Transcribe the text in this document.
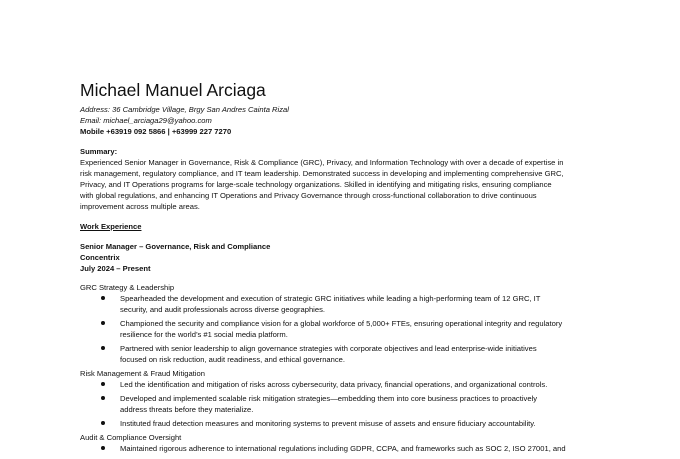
Michael Manuel Arciaga
Address: 36 Cambridge Village, Brgy San Andres Cainta Rizal
Email: michael_arciaga29@yahoo.com
Mobile +63919 092 5866 | +63999 227 7270
Summary:
Experienced Senior Manager in Governance, Risk & Compliance (GRC), Privacy, and Information Technology with over a decade of expertise in
risk management, regulatory compliance, and IT team leadership. Demonstrated success in developing and implementing comprehensive GRC,
Privacy, and IT Operations programs for large-scale technology organizations. Skilled in identifying and mitigating risks, ensuring compliance
with global regulations, and enhancing IT Operations and Privacy Governance through cross-functional collaboration to drive continuous
improvement across multiple areas.
Work Experience
Senior Manager – Governance, Risk and Compliance
Concentrix
July 2024 – Present
GRC Strategy & Leadership
Spearheaded the development and execution of strategic GRC initiatives while leading a high-performing team of 12 GRC, IT
security, and audit professionals across diverse geographies.
Championed the security and compliance vision for a global workforce of 5,000+ FTEs, ensuring operational integrity and regulatory
resilience for the world’s #1 social media platform.
Partnered with senior leadership to align governance strategies with corporate objectives and lead enterprise-wide initiatives
focused on risk reduction, audit readiness, and ethical governance.
Risk Management & Fraud Mitigation
Led the identification and mitigation of risks across cybersecurity, data privacy, financial operations, and organizational controls.
Developed and implemented scalable risk mitigation strategies—embedding them into core business practices to proactively
address threats before they materialize.
Instituted fraud detection measures and monitoring systems to prevent misuse of assets and ensure fiduciary accountability.
Audit & Compliance Oversight
Maintained rigorous adherence to international regulations including GDPR, CCPA, and frameworks such as SOC 2, ISO 27001, and
